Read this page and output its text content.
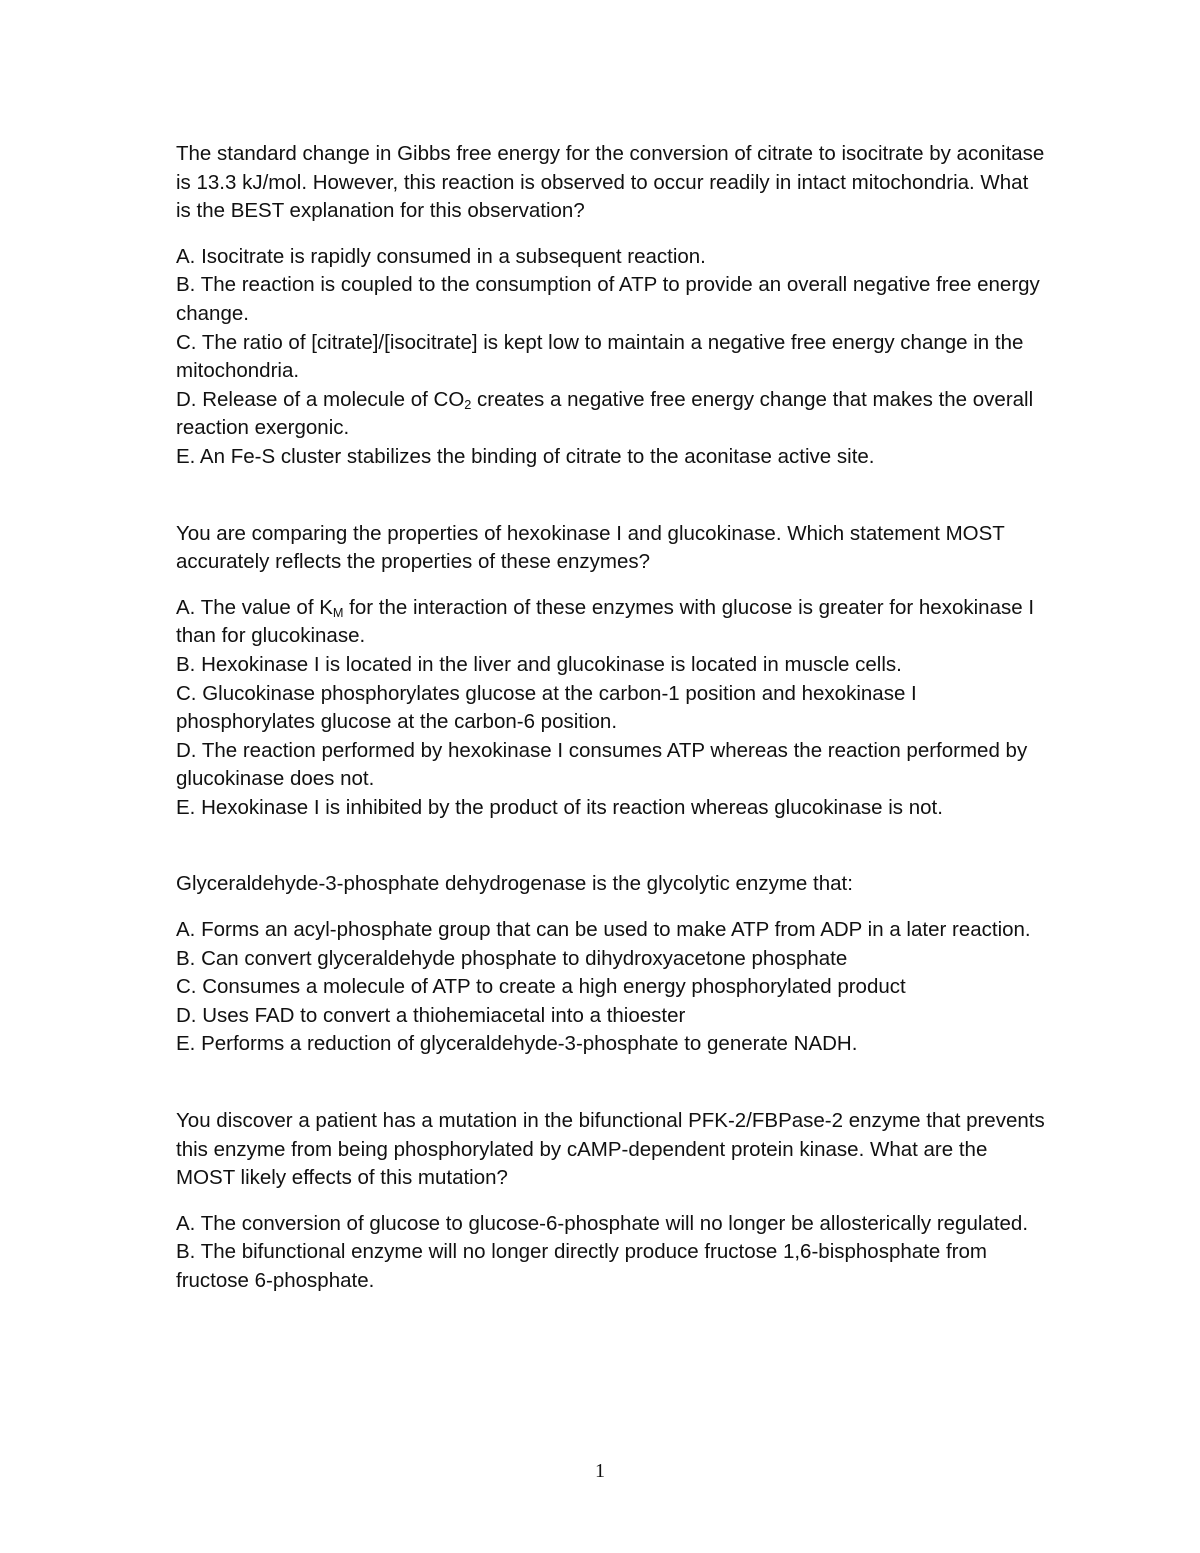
The standard change in Gibbs free energy for the conversion of citrate to isocitrate by aconitase is 13.3 kJ/mol. However, this reaction is observed to occur readily in intact mitochondria. What is the BEST explanation for this observation?

A. Isocitrate is rapidly consumed in a subsequent reaction.
B. The reaction is coupled to the consumption of ATP to provide an overall negative free energy change.
C. The ratio of [citrate]/[isocitrate] is kept low to maintain a negative free energy change in the mitochondria.
D. Release of a molecule of $CO_2$ creates a negative free energy change that makes the overall reaction exergonic.
E. An Fe-S cluster stabilizes the binding of citrate to the aconitase active site.

You are comparing the properties of hexokinase I and glucokinase. Which statement MOST accurately reflects the properties of these enzymes?

A. The value of $K_M$ for the interaction of these enzymes with glucose is greater for hexokinase I than for glucokinase.
B. Hexokinase I is located in the liver and glucokinase is located in muscle cells.
C. Glucokinase phosphorylates glucose at the carbon-1 position and hexokinase I phosphorylates glucose at the carbon-6 position.
D. The reaction performed by hexokinase I consumes ATP whereas the reaction performed by glucokinase does not.
E. Hexokinase I is inhibited by the product of its reaction whereas glucokinase is not.

Glyceraldehyde-3-phosphate dehydrogenase is the glycolytic enzyme that:

A. Forms an acyl-phosphate group that can be used to make ATP from ADP in a later reaction.
B. Can convert glyceraldehyde phosphate to dihydroxyacetone phosphate
C. Consumes a molecule of ATP to create a high energy phosphorylated product
D. Uses FAD to convert a thiohemiacetal into a thioester
E. Performs a reduction of glyceraldehyde-3-phosphate to generate NADH.

You discover a patient has a mutation in the bifunctional PFK-2/FBPase-2 enzyme that prevents this enzyme from being phosphorylated by cAMP-dependent protein kinase. What are the MOST likely effects of this mutation?

A. The conversion of glucose to glucose-6-phosphate will no longer be allosterically regulated.
B. The bifunctional enzyme will no longer directly produce fructose 1,6-bisphosphate from fructose 6-phosphate.
1
